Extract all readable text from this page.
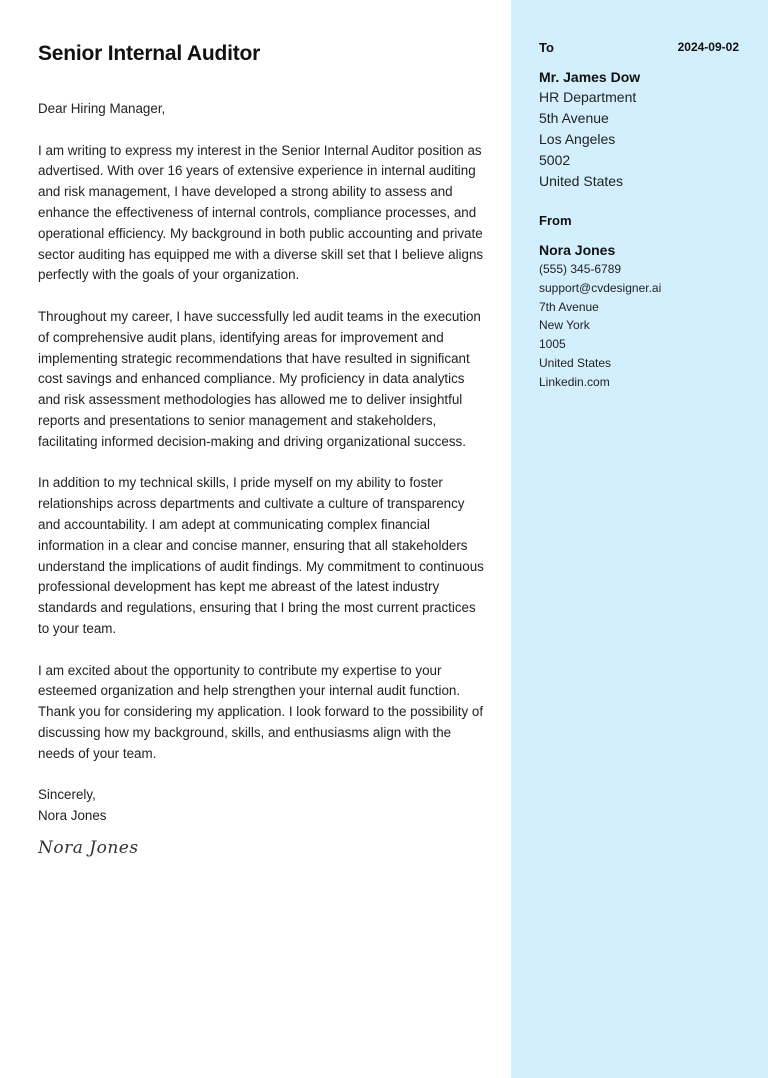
Senior Internal Auditor	2024-09-02

Dear Hiring Manager,

I am writing to express my interest in the Senior Internal Auditor position as advertised. With over 16 years of extensive experience in internal auditing and risk management, I have developed a strong ability to assess and enhance the effectiveness of internal controls, compliance processes, and operational efficiency. My background in both public accounting and private sector auditing has equipped me with a diverse skill set that I believe aligns perfectly with the goals of your organization.

Throughout my career, I have successfully led audit teams in the execution of comprehensive audit plans, identifying areas for improvement and implementing strategic recommendations that have resulted in significant cost savings and enhanced compliance. My proficiency in data analytics and risk assessment methodologies has allowed me to deliver insightful reports and presentations to senior management and stakeholders, facilitating informed decision-making and driving organizational success.

In addition to my technical skills, I pride myself on my ability to foster relationships across departments and cultivate a culture of transparency and accountability. I am adept at communicating complex financial information in a clear and concise manner, ensuring that all stakeholders understand the implications of audit findings. My commitment to continuous professional development has kept me abreast of the latest industry standards and regulations, ensuring that I bring the most current practices to your team.

I am excited about the opportunity to contribute my expertise to your esteemed organization and help strengthen your internal audit function. Thank you for considering my application. I look forward to the possibility of discussing how my background, skills, and enthusiasms align with the needs of your team.

Sincerely,

Nora Jones

Nora Jones
To
Mr. James Dow
HR Department
5th Avenue
Los Angeles
5002
United States
From
Nora Jones
(555) 345-6789
support@cvdesigner.ai
7th Avenue
New York
1005
United States
Linkedin.com
